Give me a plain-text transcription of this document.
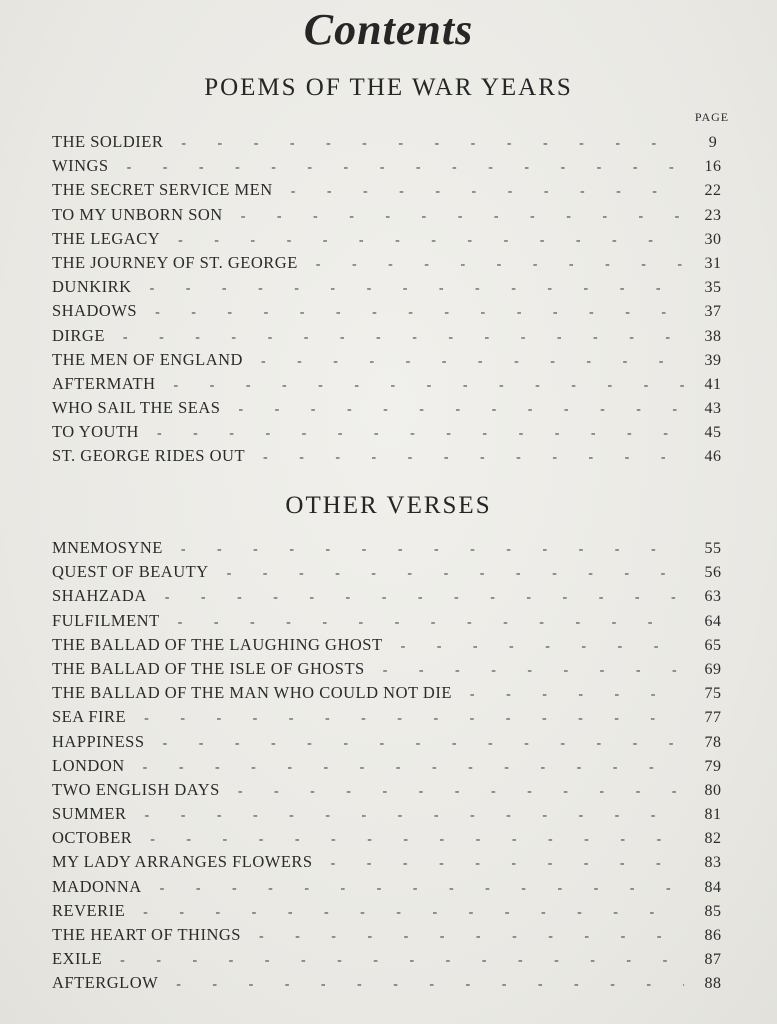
Contents
POEMS OF THE WAR YEARS
PAGE
THE SOLDIER - - -	9
WINGS - - -	16
THE SECRET SERVICE MEN - - -	22
TO MY UNBORN SON - - -	23
THE LEGACY - - -	30
THE JOURNEY OF ST. GEORGE - - -	31
DUNKIRK - - -	35
SHADOWS - - -	37
DIRGE - - -	38
THE MEN OF ENGLAND - - -	39
AFTERMATH - - -	41
WHO SAIL THE SEAS - - -	43
TO YOUTH - - -	45
ST. GEORGE RIDES OUT - - -	46
OTHER VERSES
MNEMOSYNE - - -	55
QUEST OF BEAUTY - - -	56
SHAHZADA - - -	63
FULFILMENT - - -	64
THE BALLAD OF THE LAUGHING GHOST - - -	65
THE BALLAD OF THE ISLE OF GHOSTS - - -	69
THE BALLAD OF THE MAN WHO COULD NOT DIE - - -	75
SEA FIRE - - -	77
HAPPINESS - - -	78
LONDON - - -	79
TWO ENGLISH DAYS - - -	80
SUMMER - - -	81
OCTOBER - - -	82
MY LADY ARRANGES FLOWERS - - -	83
MADONNA - - -	84
REVERIE - - -	85
THE HEART OF THINGS - - -	86
EXILE - - -	87
AFTERGLOW - - -	88
